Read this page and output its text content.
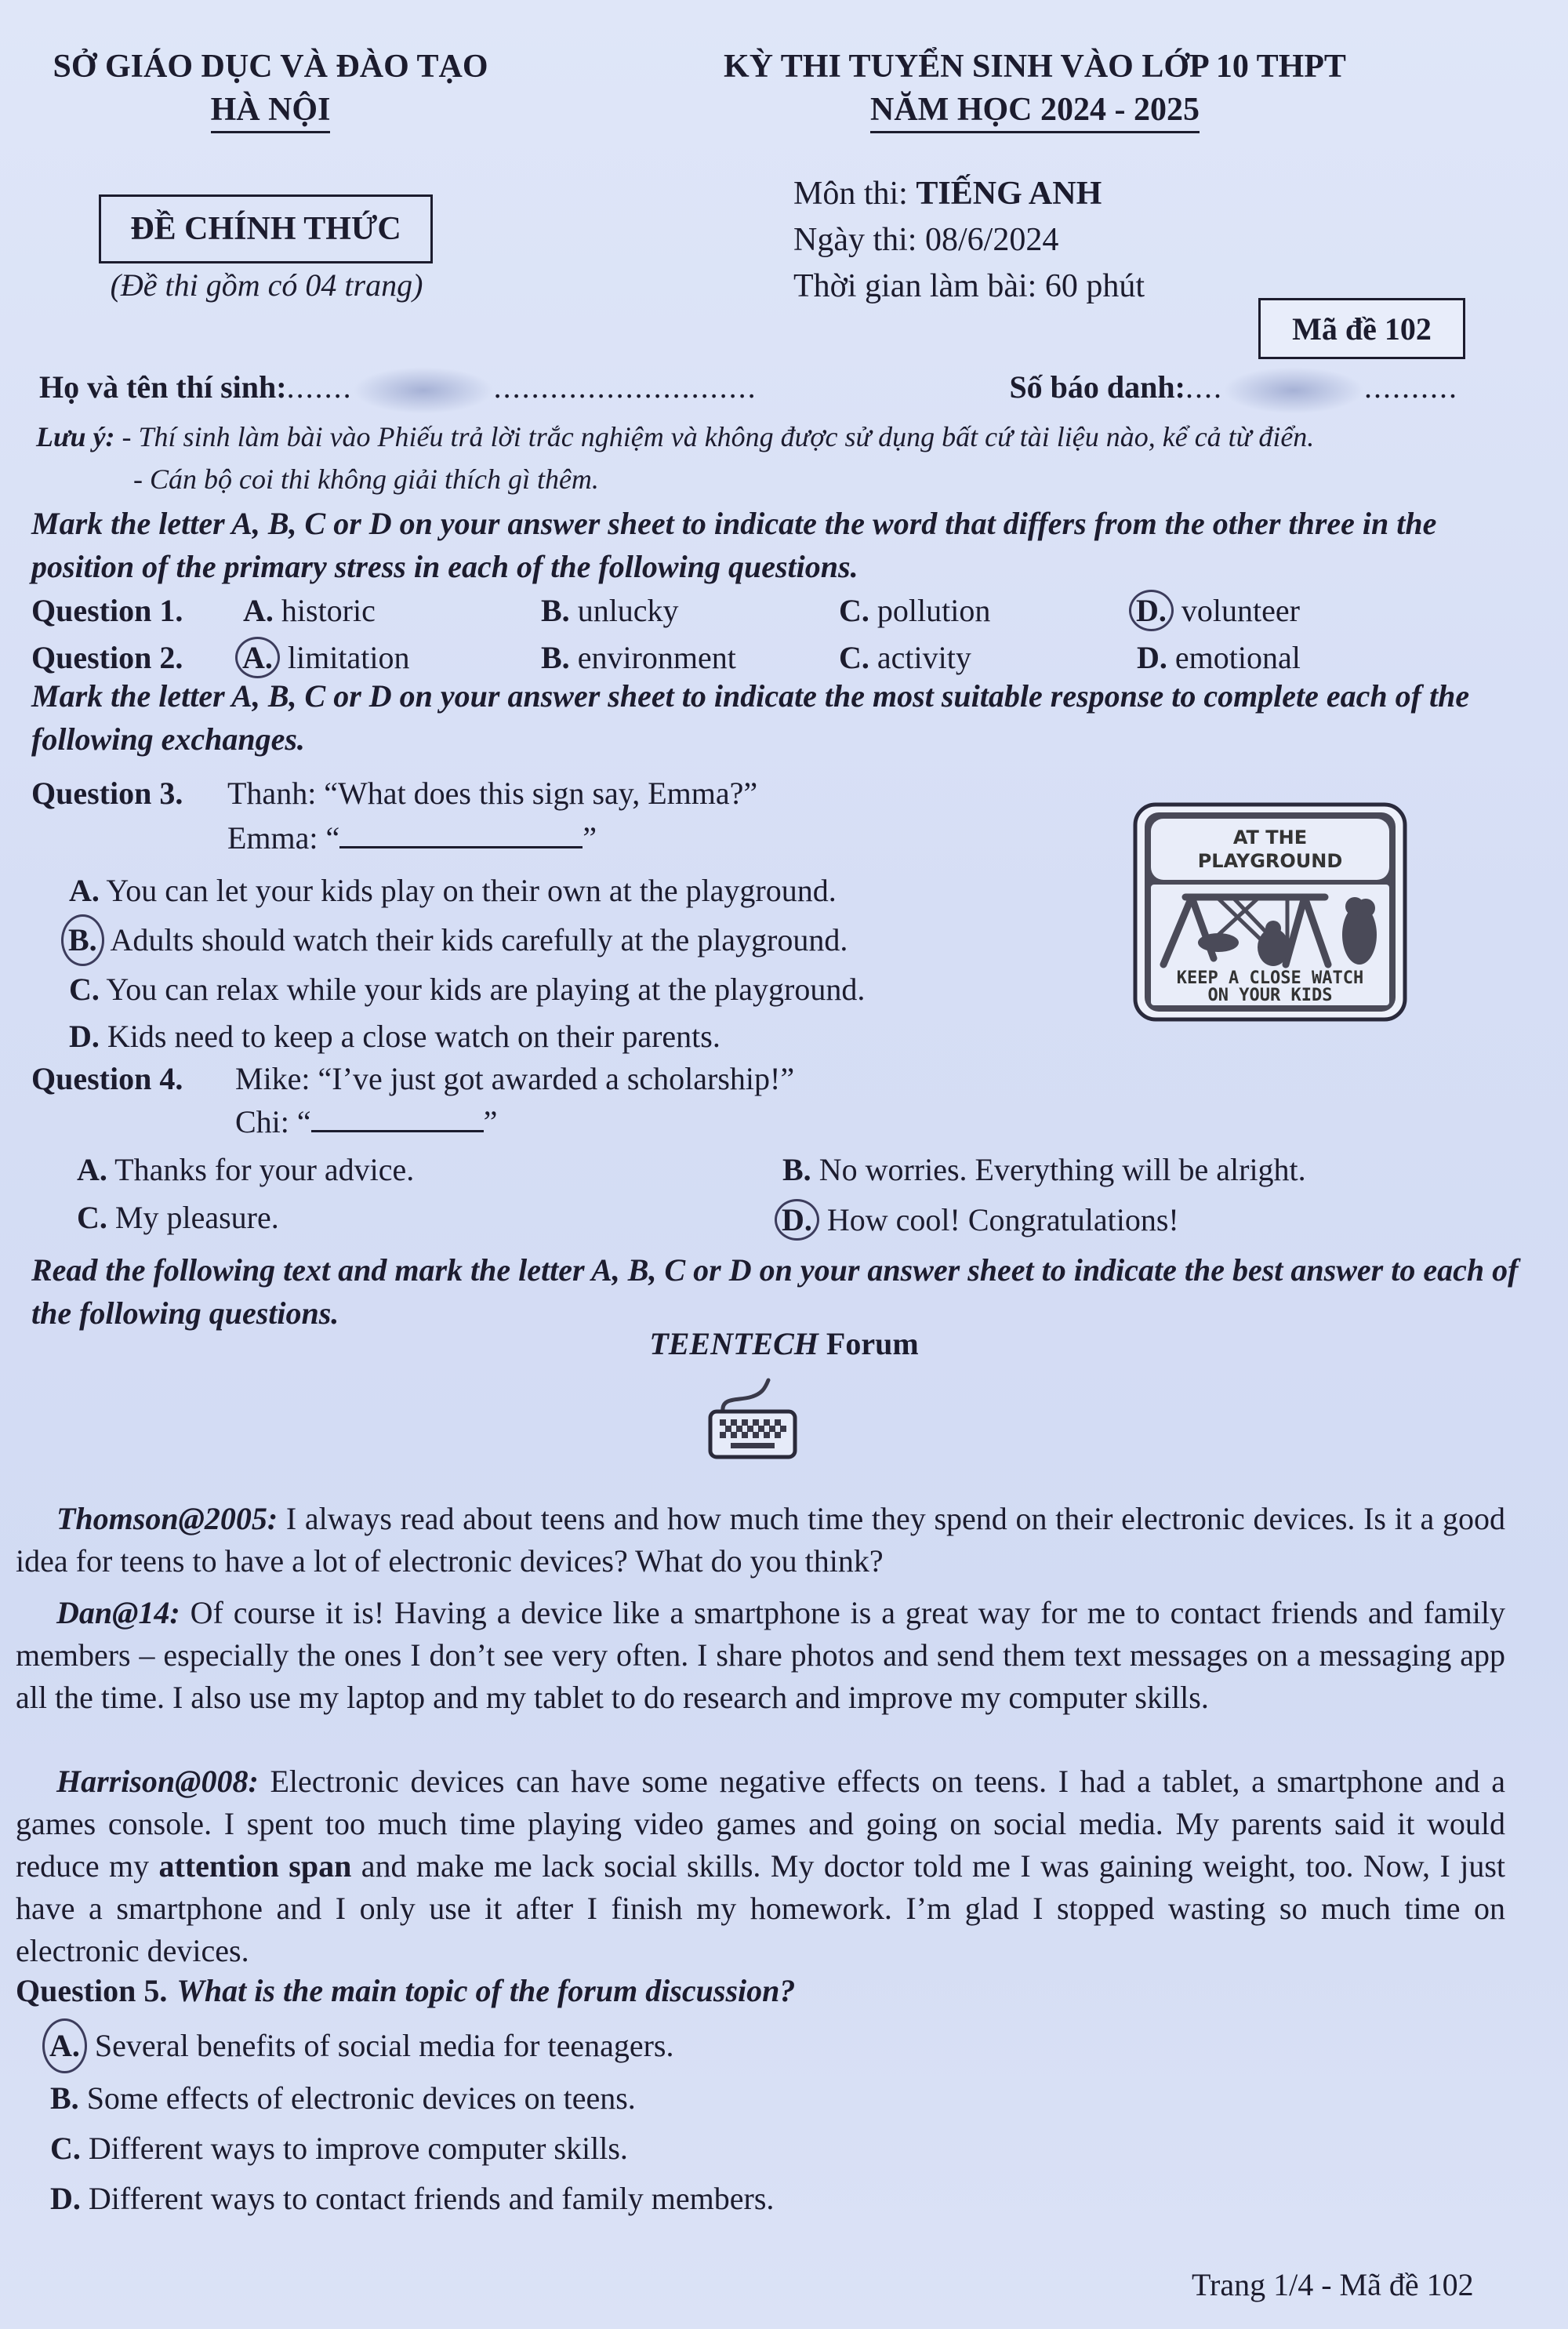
SỞ GIÁO DỤC VÀ ĐÀO TẠO
HÀ NỘI
KỲ THI TUYỂN SINH VÀO LỚP 10 THPT
NĂM HỌC 2024 - 2025
ĐỀ CHÍNH THỨC
(Đề thi gồm có 04 trang)
Môn thi: TIẾNG ANH
Ngày thi: 08/6/2024
Thời gian làm bài: 60 phút
Mã đề 102
Họ và tên thí sinh:.......	............................	Số báo danh:....	..........
Lưu ý: - Thí sinh làm bài vào Phiếu trả lời trắc nghiệm và không được sử dụng bất cứ tài liệu nào, kể cả từ điển.
- Cán bộ coi thi không giải thích gì thêm.
Mark the letter A, B, C or D on your answer sheet to indicate the word that differs from the other three in the position of the primary stress in each of the following questions.
Question 1.	A. historic	B. unlucky	C. pollution	D. volunteer
Question 2.	A. limitation	B. environment	C. activity	D. emotional
Mark the letter A, B, C or D on your answer sheet to indicate the most suitable response to complete each of the following exchanges.
Question 3.	Thanh: “What does this sign say, Emma?”
Emma: “	”
A. You can let your kids play on their own at the playground.
B. Adults should watch their kids carefully at the playground.
C. You can relax while your kids are playing at the playground.
D. Kids need to keep a close watch on their parents.
AT THE
PLAYGROUND
KEEP A CLOSE WATCH
ON YOUR KIDS
Question 4.	Mike: “I’ve just got awarded a scholarship!”
Chi: “	”
A. Thanks for your advice.	B. No worries. Everything will be alright.
C. My pleasure.	D. How cool! Congratulations!
Read the following text and mark the letter A, B, C or D on your answer sheet to indicate the best answer to each of the following questions.
TEENTECH Forum
Thomson@2005: I always read about teens and how much time they spend on their electronic devices. Is it a good idea for teens to have a lot of electronic devices? What do you think?
Dan@14: Of course it is! Having a device like a smartphone is a great way for me to contact friends and family members – especially the ones I don’t see very often. I share photos and send them text messages on a messaging app all the time. I also use my laptop and my tablet to do research and improve my computer skills.
Harrison@008: Electronic devices can have some negative effects on teens. I had a tablet, a smartphone and a games console. I spent too much time playing video games and going on social media. My parents said it would reduce my attention span and make me lack social skills. My doctor told me I was gaining weight, too. Now, I just have a smartphone and I only use it after I finish my homework. I’m glad I stopped wasting so much time on electronic devices.
Question 5. What is the main topic of the forum discussion?
A. Several benefits of social media for teenagers.
B. Some effects of electronic devices on teens.
C. Different ways to improve computer skills.
D. Different ways to contact friends and family members.
Trang 1/4 - Mã đề 102
